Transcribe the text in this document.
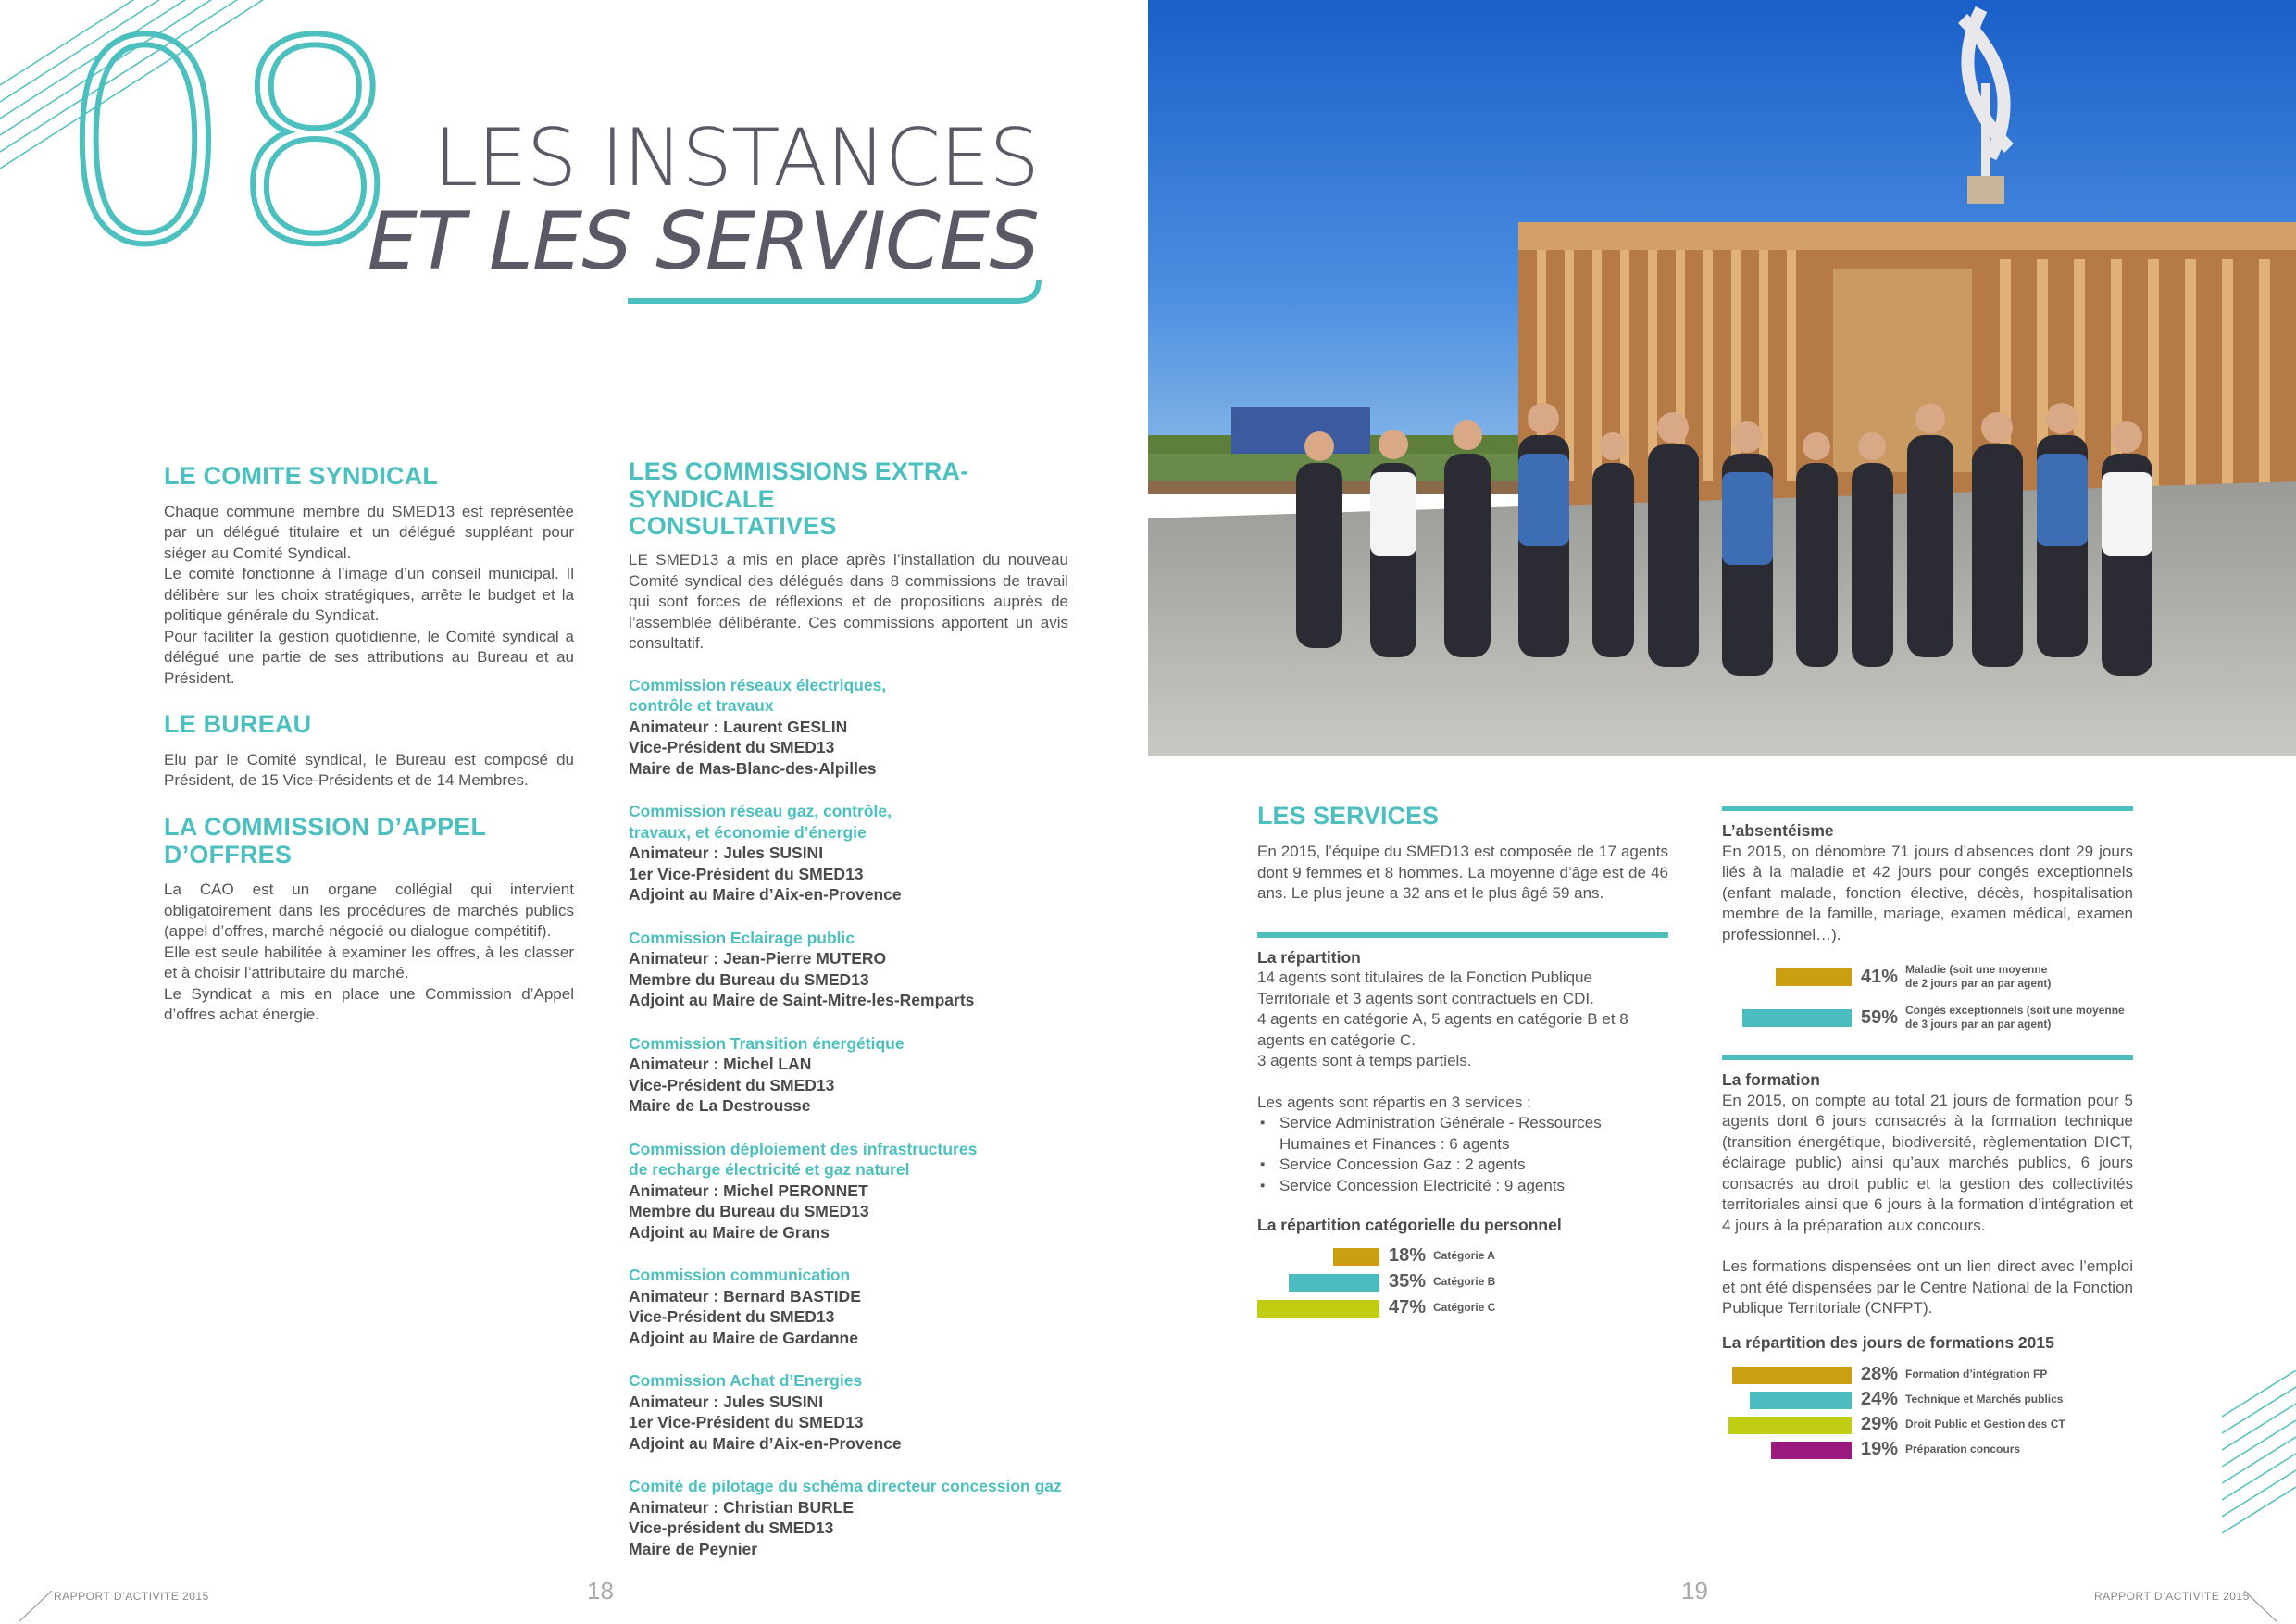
08 LES INSTANCES
ET LES SERVICES
LE COMITE SYNDICAL

Chaque commune membre du SMED13 est représentée par un délégué titulaire et un délégué suppléant pour siéger au Comité Syndical.

Le comité fonctionne à l’image d’un conseil municipal. Il délibère sur les choix stratégiques, arrête le budget et la politique générale du Syndicat.

Pour faciliter la gestion quotidienne, le Comité syndical a délégué une partie de ses attributions au Bureau et au Président.

LE BUREAU

Elu par le Comité syndical, le Bureau est composé du Président, de 15 Vice-Présidents et de 14 Membres.

LA COMMISSION D’APPEL D’OFFRES

La CAO est un organe collégial qui intervient obligatoirement dans les procédures de marchés publics (appel d’offres, marché négocié ou dialogue compétitif).

Elle est seule habilitée à examiner les offres, à les classer et à choisir l’attributaire du marché.

Le Syndicat a mis en place une Commission d’Appel d’offres achat énergie.

LES COMMISSIONS EXTRA-SYNDICALE
CONSULTATIVES

LE SMED13 a mis en place après l’installation du nouveau Comité syndical des délégués dans 8 commissions de travail qui sont forces de réflexions et de propositions auprès de l’assemblée délibérante. Ces commissions apportent un avis consultatif.

Commission réseaux électriques,
contrôle et travaux
Animateur : Laurent GESLIN
Vice-Président du SMED13
Maire de Mas-Blanc-des-Alpilles
Commission réseau gaz, contrôle,
travaux, et économie d’énergie
Animateur : Jules SUSINI
1er Vice-Président du SMED13
Adjoint au Maire d’Aix-en-Provence
Commission Eclairage public
Animateur : Jean-Pierre MUTERO
Membre du Bureau du SMED13
Adjoint au Maire de Saint-Mitre-les-Remparts
Commission Transition énergétique
Animateur : Michel LAN
Vice-Président du SMED13
Maire de La Destrousse
Commission déploiement des infrastructures
de recharge électricité et gaz naturel
Animateur : Michel PERONNET
Membre du Bureau du SMED13
Adjoint au Maire de Grans
Commission communication
Animateur : Bernard BASTIDE
Vice-Président du SMED13
Adjoint au Maire de Gardanne
Commission Achat d’Energies
Animateur : Jules SUSINI
1er Vice-Président du SMED13
Adjoint au Maire d’Aix-en-Provence
Comité de pilotage du schéma directeur concession gaz
Animateur : Christian BURLE
Vice-président du SMED13
Maire de Peynier
RAPPORT D’ACTIVITE 2015	18
LES SERVICES

En 2015, l’équipe du SMED13 est composée de 17 agents dont 9 femmes et 8 hommes. La moyenne d’âge est de 46 ans. Le plus jeune a 32 ans et le plus âgé 59 ans.

La répartition

14 agents sont titulaires de la Fonction Publique Territoriale et 3 agents sont contractuels en CDI.

4 agents en catégorie A, 5 agents en catégorie B et 8 agents en catégorie C.

3 agents sont à temps partiels.

Les agents sont répartis en 3 services :

▪ Service Administration Générale - Ressources Humaines et Finances : 6 agents
▪ Service Concession Gaz : 2 agents
▪ Service Concession Electricité : 9 agents
La répartition catégorielle du personnel
18% Catégorie A
35% Catégorie B
47% Catégorie C
L’absentéisme

En 2015, on dénombre 71 jours d’absences dont 29 jours liés à la maladie et 42 jours pour congés exceptionnels (enfant malade, fonction élective, décès, hospitalisation membre de la famille, mariage, examen médical, examen professionnel…).

41% Maladie (soit une moyenne
de 2 jours par an par agent)
59% Congés exceptionnels (soit une moyenne
de 3 jours par an par agent)
La formation

En 2015, on compte au total 21 jours de formation pour 5 agents dont 6 jours consacrés à la formation technique (transition énergétique, biodiversité, règlementation DICT, éclairage public) ainsi qu’aux marchés publics, 6 jours consacrés au droit public et la gestion des collectivités territoriales ainsi que 6 jours à la formation d’intégration et 4 jours à la préparation aux concours.

Les formations dispensées ont un lien direct avec l’emploi et ont été dispensées par le Centre National de la Fonction Publique Territoriale (CNFPT).

La répartition des jours de formations 2015
28% Formation d’intégration FP
24% Technique et Marchés publics
29% Droit Public et Gestion des CT
19% Préparation concours
19	RAPPORT D’ACTIVITE 2015
